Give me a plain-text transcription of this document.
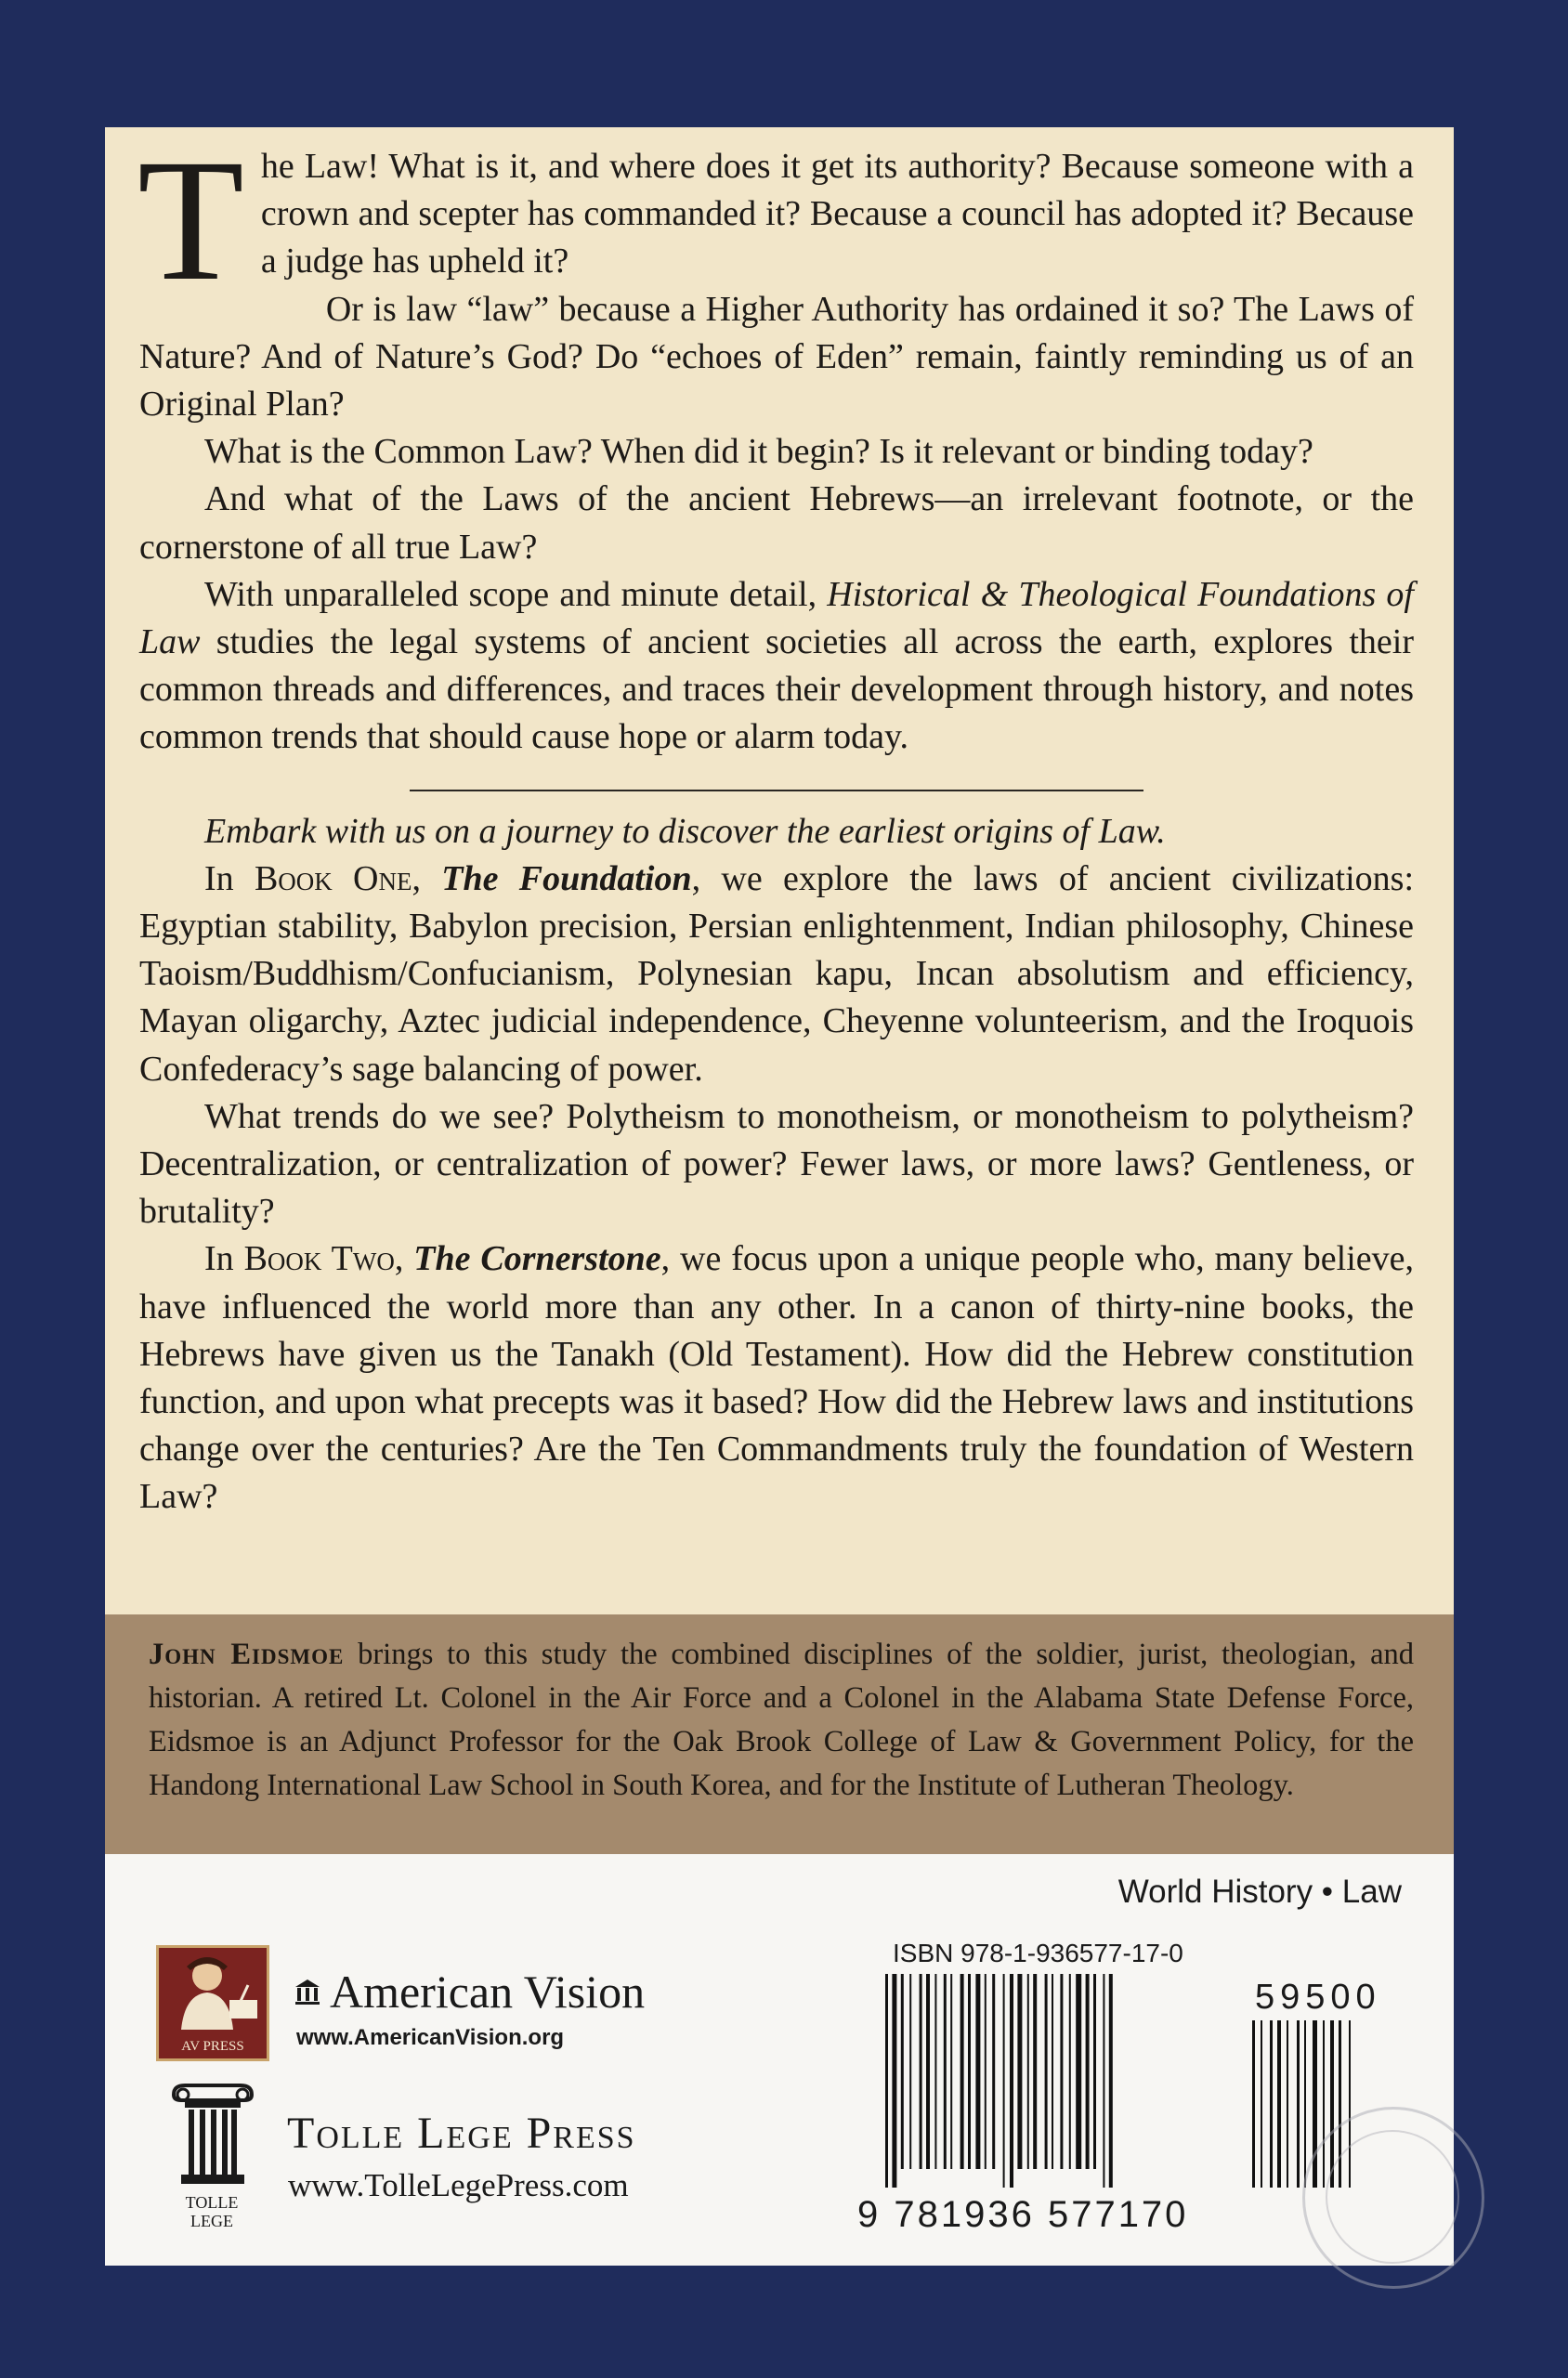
The Law! What is it, and where does it get its authority? Because someone with a crown and scepter has commanded it? Because a council has adopted it? Because a judge has upheld it?

Or is law “law” because a Higher Authority has ordained it so? The Laws of Nature? And of Nature’s God? Do “echoes of Eden” remain, faintly reminding us of an Original Plan?

What is the Common Law? When did it begin? Is it relevant or binding today?

And what of the Laws of the ancient Hebrews—an irrelevant footnote, or the cornerstone of all true Law?

With unparalleled scope and minute detail, Historical & Theological Foundations of Law studies the legal systems of ancient societies all across the earth, explores their common threads and differences, and traces their development through history, and notes common trends that should cause hope or alarm today.

Embark with us on a journey to discover the earliest origins of Law.

In Book One, The Foundation, we explore the laws of ancient civilizations: Egyptian stability, Babylon precision, Persian enlightenment, Indian philosophy, Chinese Taoism/Buddhism/Confucianism, Polynesian kapu, Incan absolutism and efficiency, Mayan oligarchy, Aztec judicial independence, Cheyenne volunteerism, and the Iroquois Confederacy’s sage balancing of power.

What trends do we see? Polytheism to monotheism, or monotheism to polytheism? Decentralization, or centralization of power? Fewer laws, or more laws? Gentleness, or brutality?

In Book Two, The Cornerstone, we focus upon a unique people who, many believe, have influenced the world more than any other. In a canon of thirty-nine books, the Hebrews have given us the Tanakh (Old Testament). How did the Hebrew constitution function, and upon what precepts was it based? How did the Hebrew laws and institutions change over the centuries? Are the Ten Commandments truly the foundation of Western Law?

John Eidsmoe brings to this study the combined disciplines of the soldier, jurist, theologian, and historian. A retired Lt. Colonel in the Air Force and a Colonel in the Alabama State Defense Force, Eidsmoe is an Adjunct Professor for the Oak Brook College of Law & Government Policy, for the Handong International Law School in South Korea, and for the Institute of Lutheran Theology.
World History • Law
AV PRESS
American Vision
www.AmericanVision.org
TOLLE LEGE
Tolle Lege Press
www.TolleLegePress.com
ISBN 978-1-936577-17-0
59500
9 781936 577170
